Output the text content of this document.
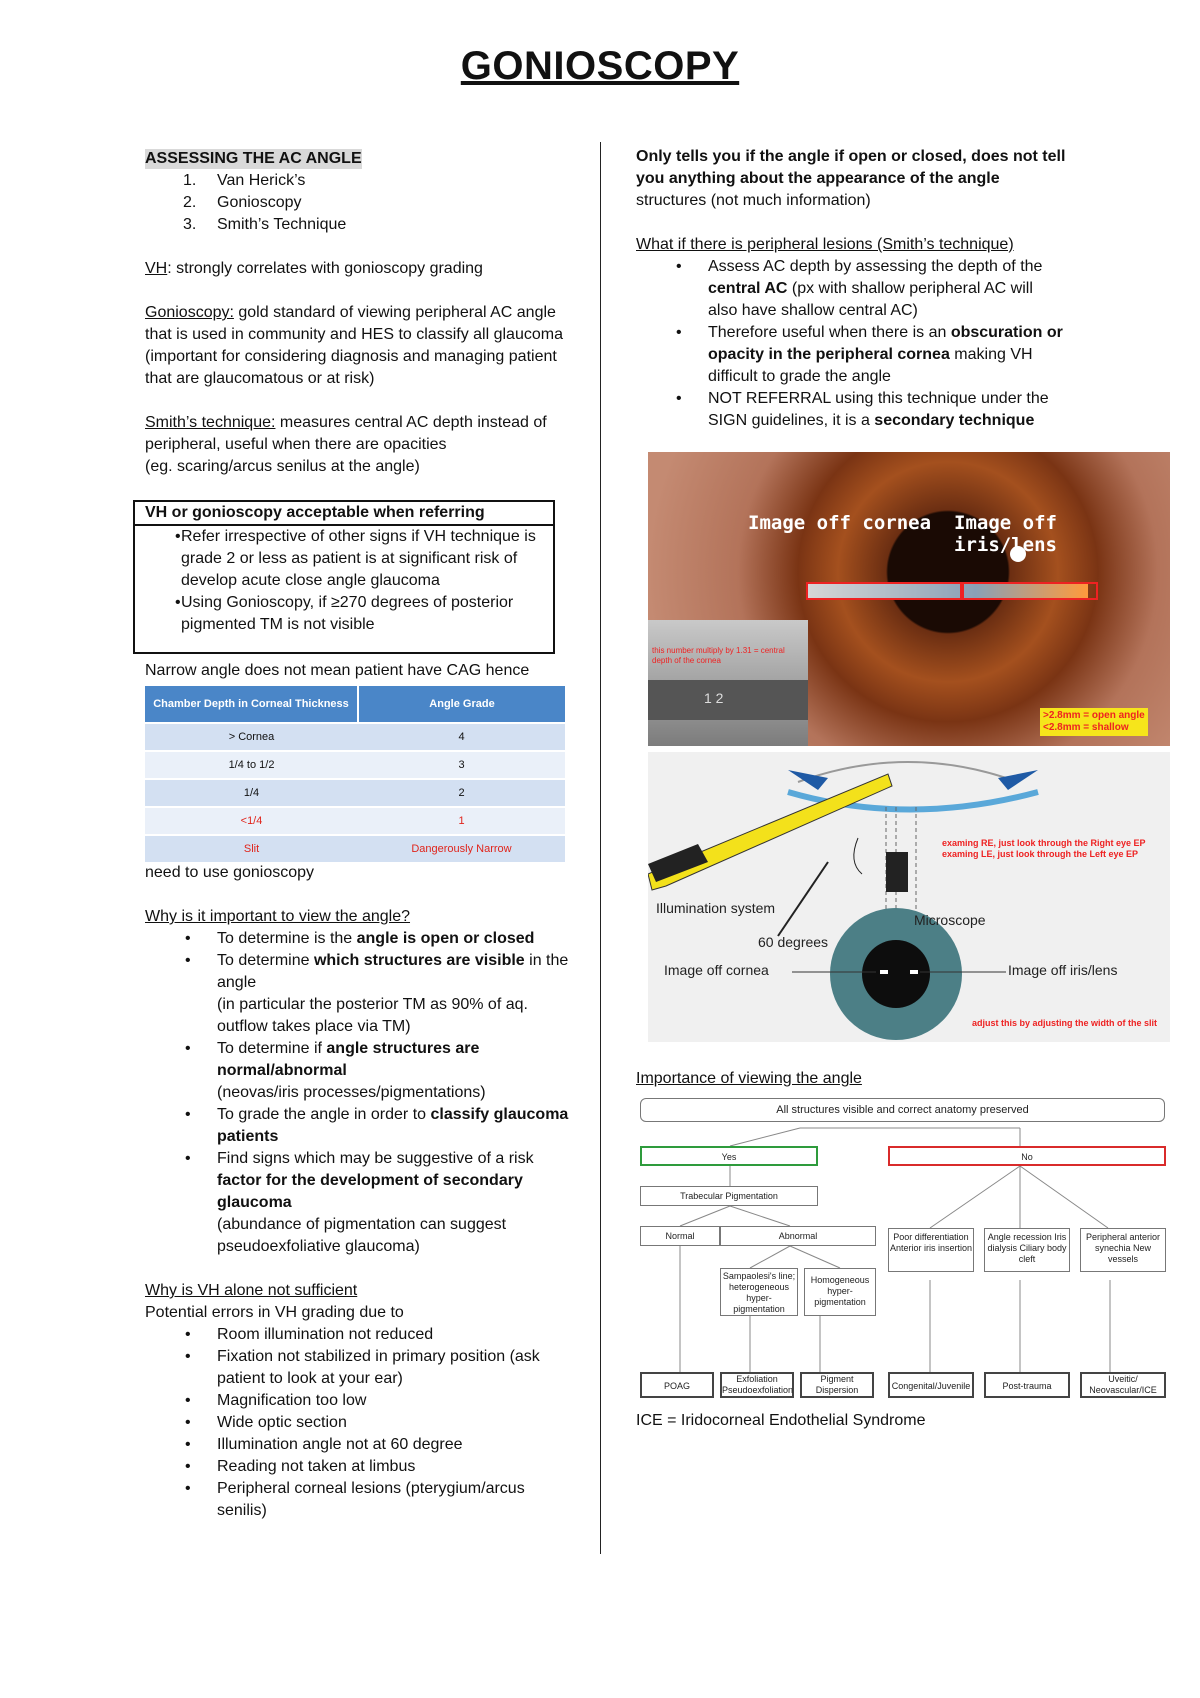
GONIOSCOPY
ASSESSING THE AC ANGLE
1. Van Herick’s
2. Gonioscopy
3. Smith’s Technique

VH: strongly correlates with gonioscopy grading

Gonioscopy: gold standard of viewing peripheral AC angle that is used in community and HES to classify all glaucoma (important for considering diagnosis and managing patient that are glaucomatous or at risk)

Smith’s technique: measures central AC depth instead of peripheral, useful when there are opacities
(eg. scaring/arcus senilus at the angle)

VH or gonioscopy acceptable when referring
• Refer irrespective of other signs if VH technique is grade 2 or less as patient is at significant risk of develop acute close angle glaucoma
• Using Gonioscopy, if ≥270 degrees of posterior pigmented TM is not visible

Narrow angle does not mean patient have CAG hence

Chamber Depth in Corneal Thickness	Angle Grade
> Cornea	4
1/4 to 1/2	3
1/4	2
<1/4	1
Slit	Dangerously Narrow

need to use gonioscopy

Why is it important to view the angle?

• To determine is the angle is open or closed
• To determine which structures are visible in the angle
(in particular the posterior TM as 90% of aq. outflow takes place via TM)
• To determine if angle structures are normal/abnormal
(neovas/iris processes/pigmentations)
• To grade the angle in order to classify glaucoma patients
• Find signs which may be suggestive of a risk factor for the development of secondary glaucoma
(abundance of pigmentation can suggest pseudoexfoliative glaucoma)

Why is VH alone not sufficient

Potential errors in VH grading due to

• Room illumination not reduced
• Fixation not stabilized in primary position (ask patient to look at your ear)
• Magnification too low
• Wide optic section
• Illumination angle not at 60 degree
• Reading not taken at limbus
• Peripheral corneal lesions (pterygium/arcus senilis)

Only tells you if the angle if open or closed, does not tell you anything about the appearance of the angle structures (not much information)

What if there is peripheral lesions (Smith’s technique)

• Assess AC depth by assessing the depth of the central AC (px with shallow peripheral AC will also have shallow central AC)
• Therefore useful when there is an obscuration or opacity in the peripheral cornea making VH difficult to grade the angle
• NOT REFERRAL using this technique under the SIGN guidelines, it is a secondary technique
Image off cornea Image off iris/lens
this number multiply by 1.31 = central depth of the cornea
1 2
>2.8mm = open angle
<2.8mm = shallow
examing RE, just look through the Right eye EP
examing LE, just look through the Left eye EP
Illumination system
Microscope
60 degrees
Image off cornea	Image off iris/lens
adjust this by adjusting the width of the slit
Importance of viewing the angle
All structures visible and correct anatomy preserved
Yes	No
Trabecular Pigmentation
Normal	Abnormal
Sampaolesi's line; heterogeneous hyper-pigmentation
Homogeneous hyper-pigmentation
Poor differentiation Anterior iris insertion
Angle recession Iris dialysis Ciliary body cleft
Peripheral anterior synechia New vessels
POAG
Exfoliation Pseudoexfoliation
Pigment Dispersion	Congenital/Juvenile	Post-trauma
Uveitic/ Neovascular/ICE
ICE = Iridocorneal Endothelial Syndrome
